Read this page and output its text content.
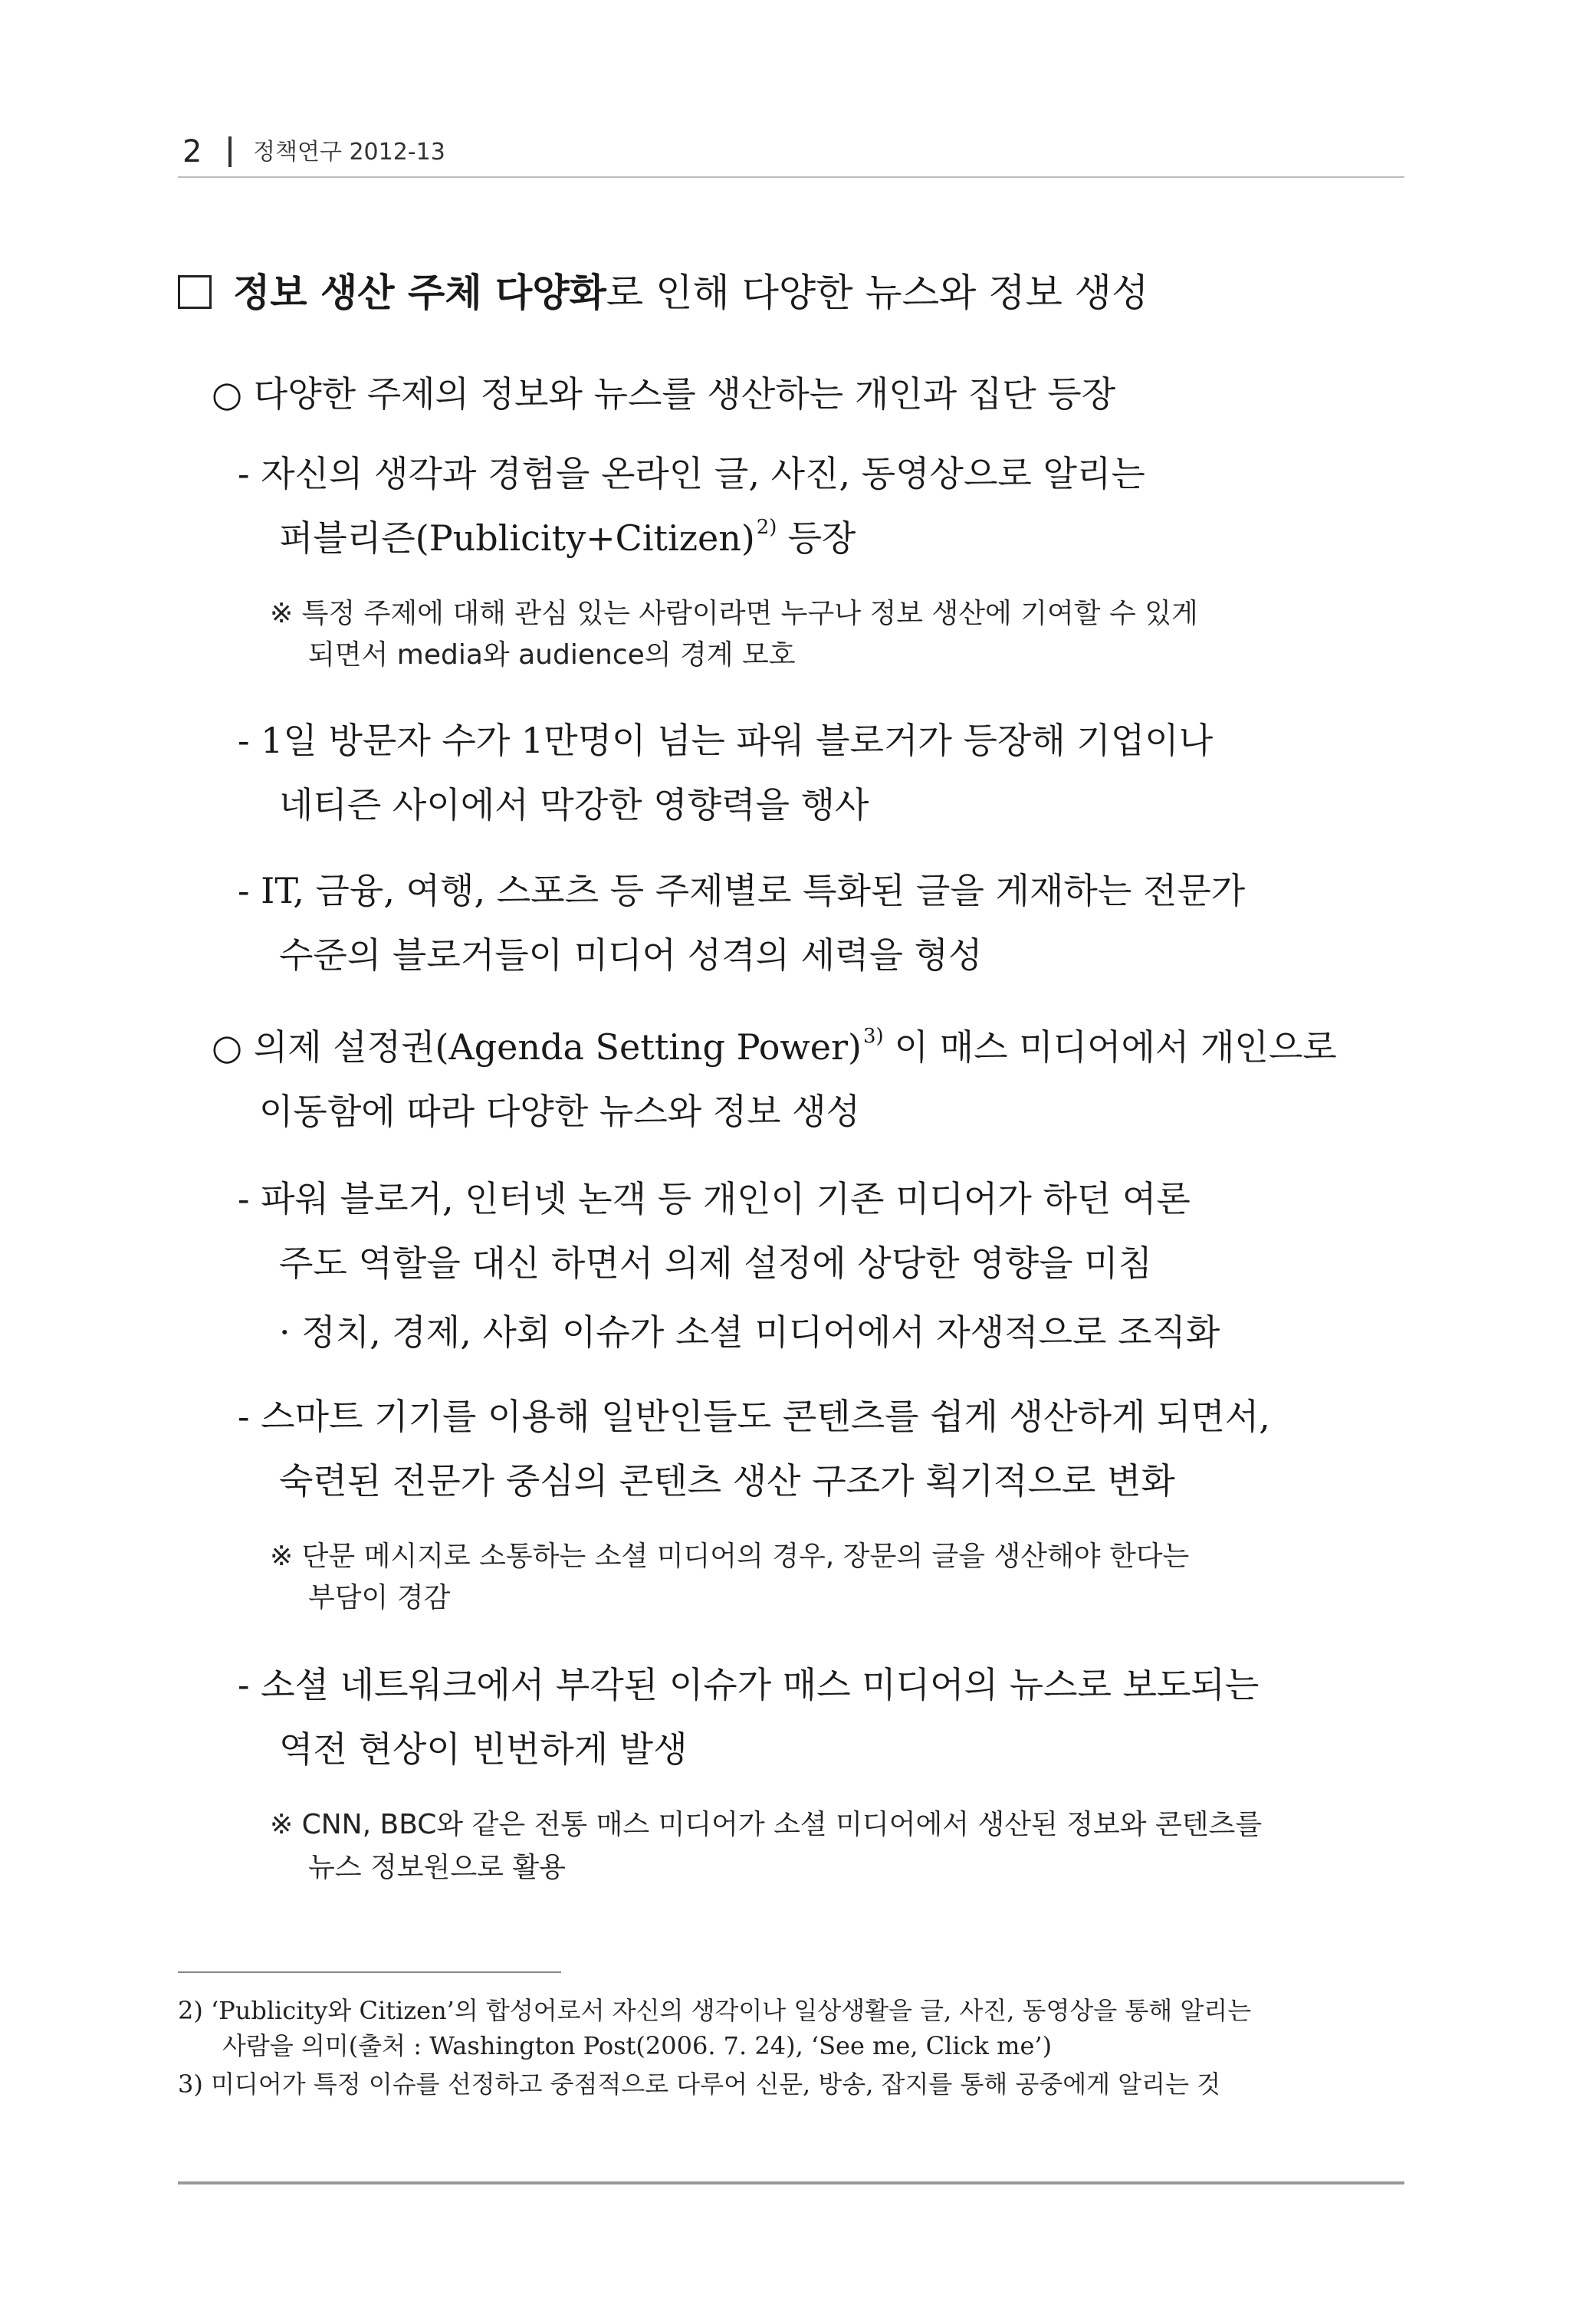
2 정책연구 2012-13
정보 생산 주체 다양화로 인해 다양한 뉴스와 정보 생성
○ 다양한 주제의 정보와 뉴스를 생산하는 개인과 집단 등장
- 자신의 생각과 경험을 온라인 글, 사진, 동영상으로 알리는
퍼블리즌(Publicity+Citizen)$^{2)}$ 등장
※ 특정 주제에 대해 관심 있는 사람이라면 누구나 정보 생산에 기여할 수 있게
되면서 media와 audience의 경계 모호
- 1일 방문자 수가 1만명이 넘는 파워 블로거가 등장해 기업이나
네티즌 사이에서 막강한 영향력을 행사
- IT, 금융, 여행, 스포츠 등 주제별로 특화된 글을 게재하는 전문가
수준의 블로거들이 미디어 성격의 세력을 형성
○ 의제 설정권(Agenda Setting Power)$^{3)}$ 이 매스 미디어에서 개인으로
이동함에 따라 다양한 뉴스와 정보 생성
- 파워 블로거, 인터넷 논객 등 개인이 기존 미디어가 하던 여론
주도 역할을 대신 하면서 의제 설정에 상당한 영향을 미침
· 정치, 경제, 사회 이슈가 소셜 미디어에서 자생적으로 조직화
- 스마트 기기를 이용해 일반인들도 콘텐츠를 쉽게 생산하게 되면서,
숙련된 전문가 중심의 콘텐츠 생산 구조가 획기적으로 변화
※ 단문 메시지로 소통하는 소셜 미디어의 경우, 장문의 글을 생산해야 한다는
부담이 경감
- 소셜 네트워크에서 부각된 이슈가 매스 미디어의 뉴스로 보도되는
역전 현상이 빈번하게 발생
※ CNN, BBC와 같은 전통 매스 미디어가 소셜 미디어에서 생산된 정보와 콘텐츠를
뉴스 정보원으로 활용
2) ‘Publicity와 Citizen’의 합성어로서 자신의 생각이나 일상생활을 글, 사진, 동영상을 통해 알리는
사람을 의미(출처 : Washington Post(2006. 7. 24), ‘See me, Click me’)
3) 미디어가 특정 이슈를 선정하고 중점적으로 다루어 신문, 방송, 잡지를 통해 공중에게 알리는 것
